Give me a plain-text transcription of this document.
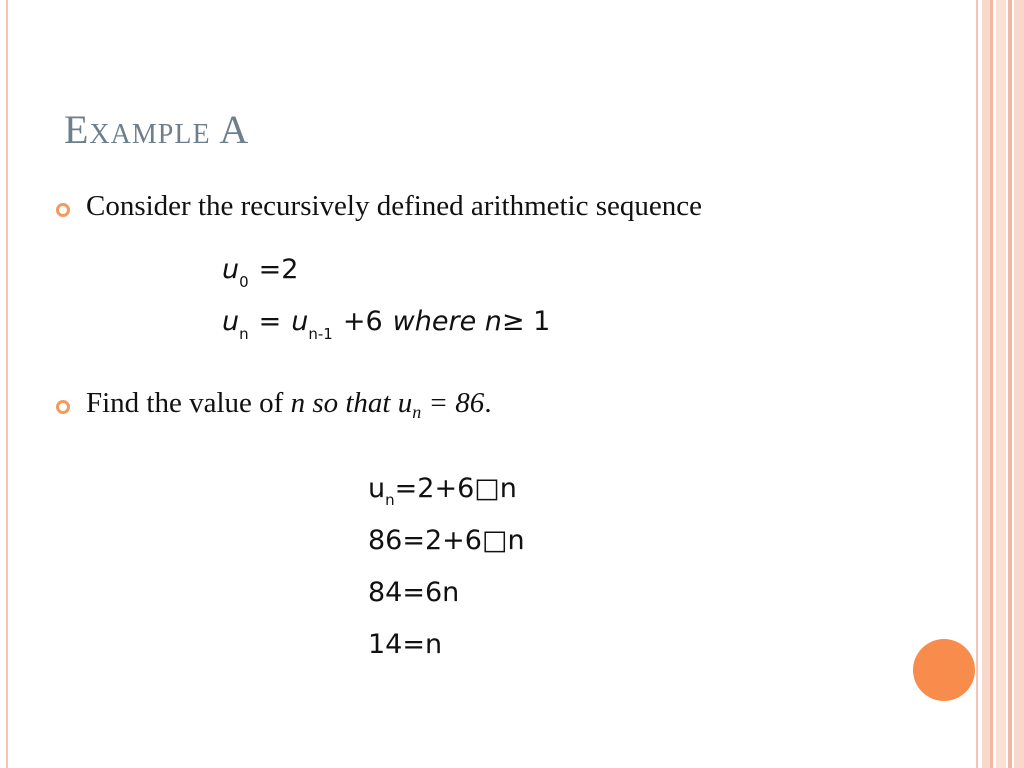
Example A
Consider the recursively defined arithmetic sequence
$u_0 =2$
$u_n = u_{n-1} +6$ where n≥ 1
Find the value of n so that $u_n = 86$.
$u_n=2+6□n$
86=2+6□n
84=6n
14=n
